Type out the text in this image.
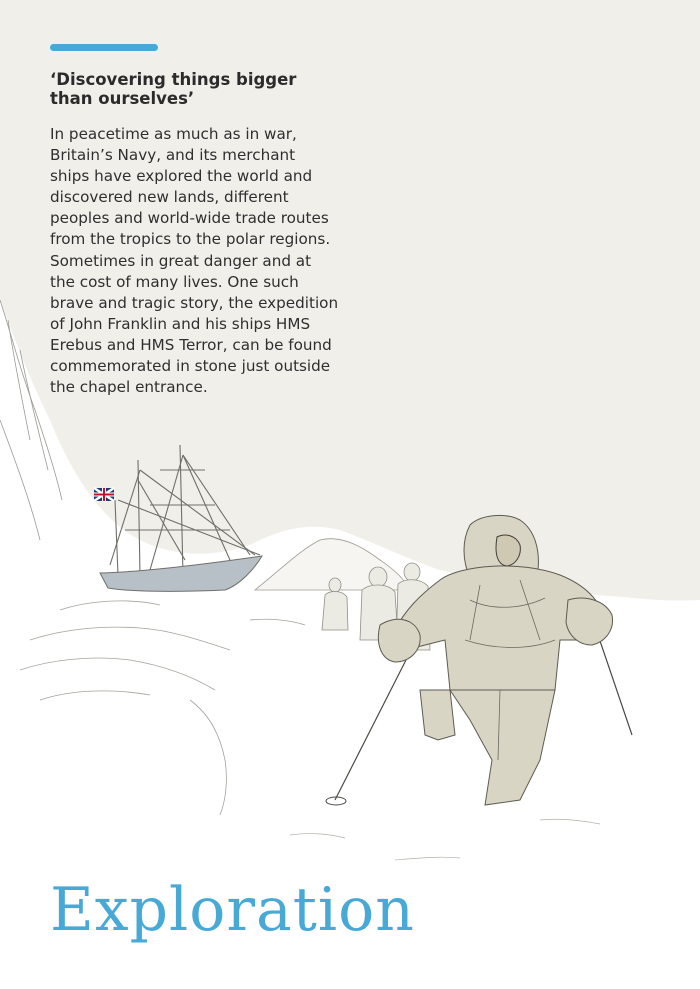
‘Discovering things bigger
than ourselves’
In peacetime as much as in war,
Britain’s Navy, and its merchant
ships have explored the world and
discovered new lands, different
peoples and world-wide trade routes
from the tropics to the polar regions.
Sometimes in great danger and at
the cost of many lives. One such
brave and tragic story, the expedition
of John Franklin and his ships HMS
Erebus and HMS Terror, can be found
commemorated in stone just outside
the chapel entrance.
Exploration
